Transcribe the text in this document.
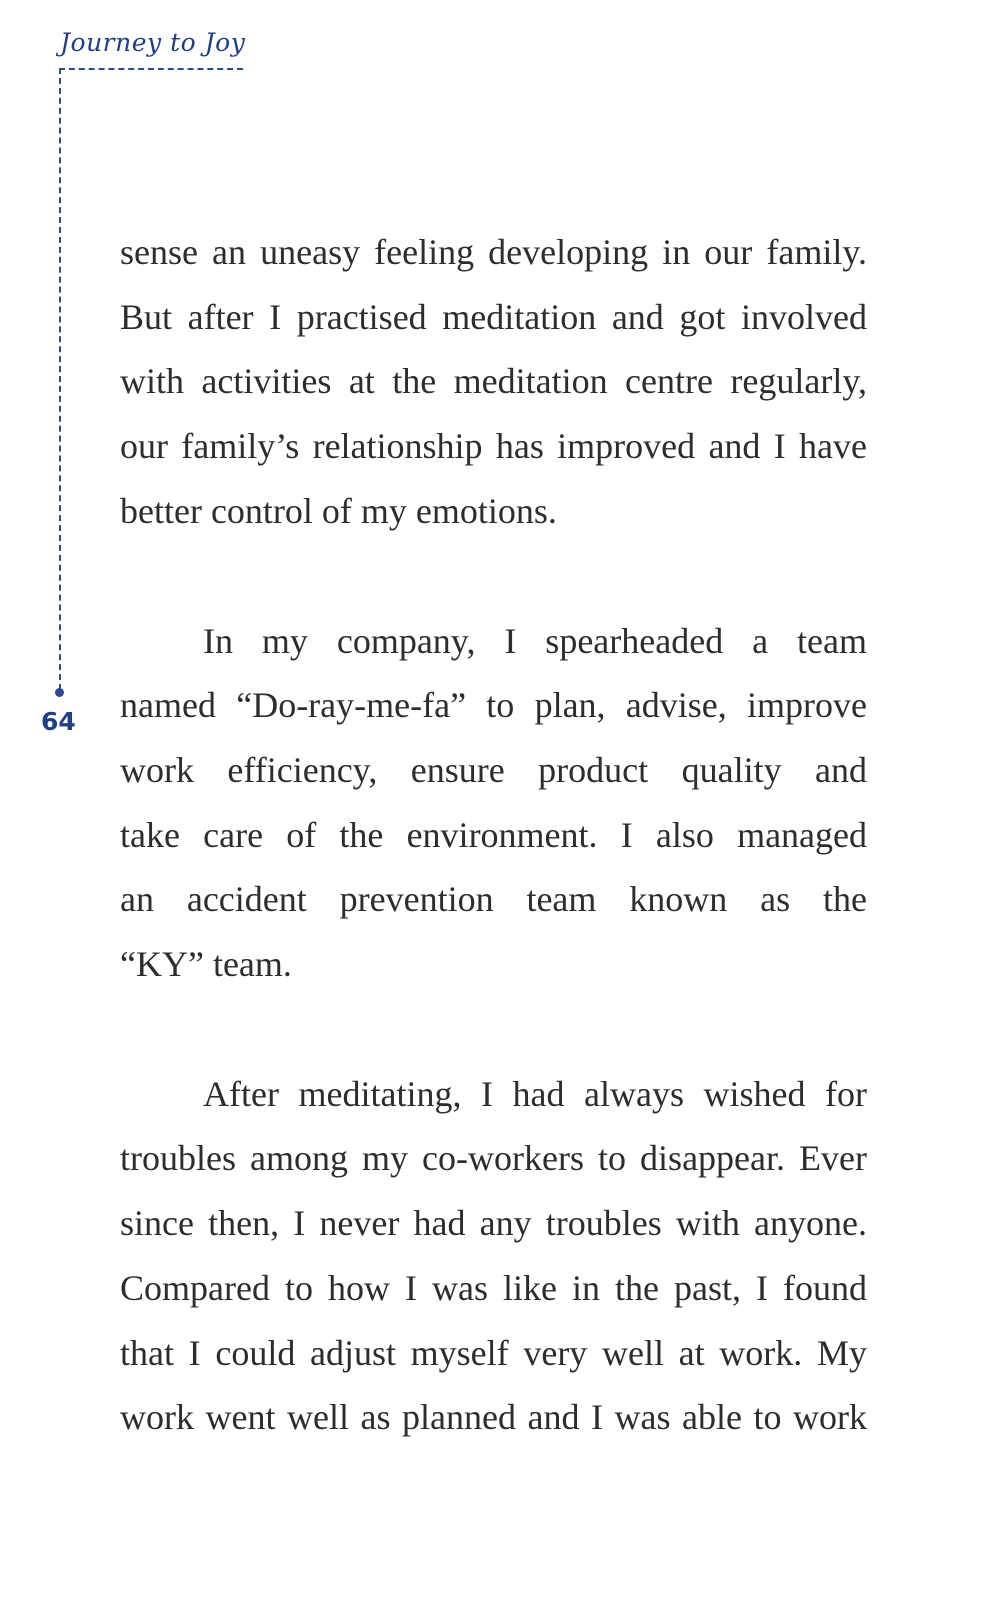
Journey to Joy
64
sense an uneasy feeling developing in our family.
But after I practised meditation and got involved
with activities at the meditation centre regularly,
our family’s relationship has improved and I have
better control of my emotions.
In my company, I spearheaded a team
named “Do-ray-me-fa” to plan, advise, improve
work efficiency, ensure product quality and
take care of the environment. I also managed
an accident prevention team known as the
“KY” team.
After meditating, I had always wished for
troubles among my co-workers to disappear. Ever
since then, I never had any troubles with anyone.
Compared to how I was like in the past, I found
that I could adjust myself very well at work. My
work went well as planned and I was able to work
